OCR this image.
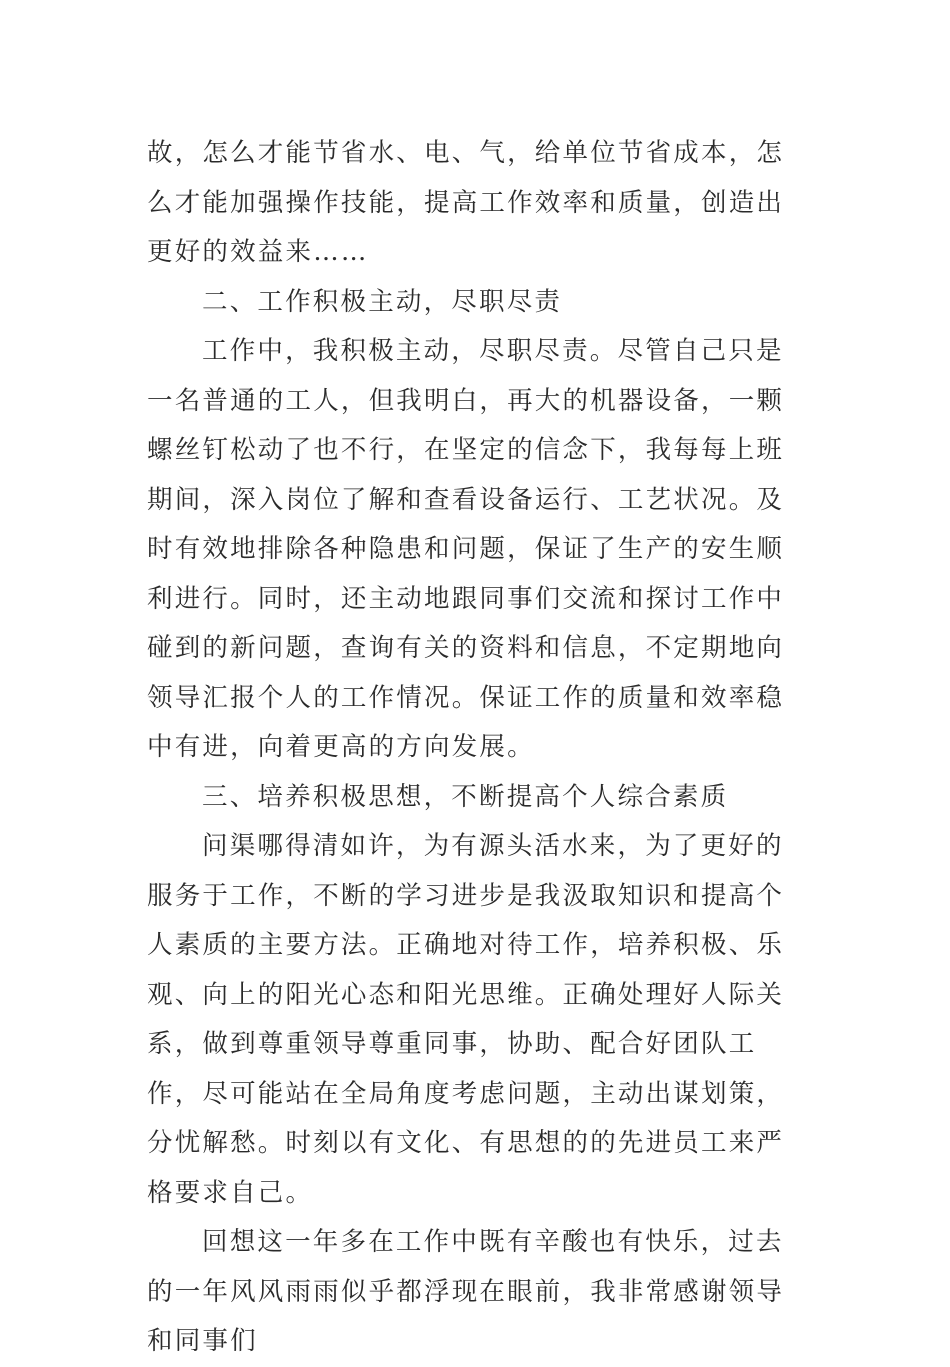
故，怎么才能节省水、电、气，给单位节省成本，怎么才能加强操作技能，提高工作效率和质量，创造出更好的效益来……

二、工作积极主动，尽职尽责

工作中，我积极主动，尽职尽责。尽管自己只是一名普通的工人，但我明白，再大的机器设备，一颗螺丝钉松动了也不行，在坚定的信念下，我每每上班期间，深入岗位了解和查看设备运行、工艺状况。及时有效地排除各种隐患和问题，保证了生产的安生顺利进行。同时，还主动地跟同事们交流和探讨工作中碰到的新问题，查询有关的资料和信息，不定期地向领导汇报个人的工作情况。保证工作的质量和效率稳中有进，向着更高的方向发展。

三、培养积极思想，不断提高个人综合素质

问渠哪得清如许，为有源头活水来，为了更好的服务于工作，不断的学习进步是我汲取知识和提高个人素质的主要方法。正确地对待工作，培养积极、乐观、向上的阳光心态和阳光思维。正确处理好人际关系，做到尊重领导尊重同事，协助、配合好团队工作，尽可能站在全局角度考虑问题，主动出谋划策，分忧解愁。时刻以有文化、有思想的的先进员工来严格要求自己。

回想这一年多在工作中既有辛酸也有快乐，过去的一年风风雨雨似乎都浮现在眼前，我非常感谢领导和同事们
